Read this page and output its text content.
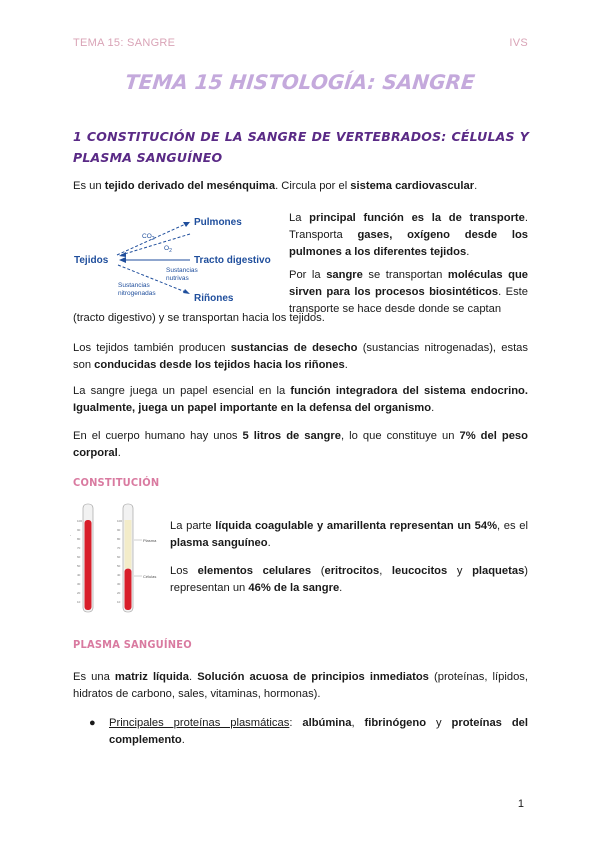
TEMA 15: SANGRE	IVS
TEMA 15 HISTOLOGÍA: SANGRE
1 CONSTITUCIÓN DE LA SANGRE DE VERTEBRADOS: CÉLULAS Y PLASMA SANGUÍNEO

Es un tejido derivado del mesénquima. Circula por el sistema cardiovascular.

Tejidos
Pulmones
Tracto digestivo
Riñones
$CO_2$
$O_2$
Sustancias
nutrivas
Sustancias
nitrogenadas

La principal función es la de transporte. Transporta gases, oxígeno desde los pulmones a los diferentes tejidos.

Por la sangre se transportan moléculas que sirven para los procesos biosintéticos. Este transporte se hace desde donde se captan

(tracto digestivo) y se transportan hacia los tejidos.

Los tejidos también producen sustancias de desecho (sustancias nitrogenadas), estas son conducidas desde los tejidos hacia los riñones.

La sangre juega un papel esencial en la función integradora del sistema endocrino. Igualmente, juega un papel importante en la defensa del organismo.

En el cuerpo humano hay unos 5 litros de sangre, lo que constituye un 7% del peso corporal.

CONSTITUCIÓN
-
100
90
80
70
60
50
40
30
20
10
100
90
80
70
60
50
40
30
20
10
Plasma
Células

La parte líquida coagulable y amarillenta representan un 54%, es el plasma sanguíneo.

Los elementos celulares (eritrocitos, leucocitos y plaquetas) representan un 46% de la sangre.

PLASMA SANGUÍNEO

Es una matriz líquida. Solución acuosa de principios inmediatos (proteínas, lípidos, hidratos de carbono, sales, vitaminas, hormonas).

● Principales proteínas plasmáticas: albúmina, fibrinógeno y proteínas del complemento.

1
